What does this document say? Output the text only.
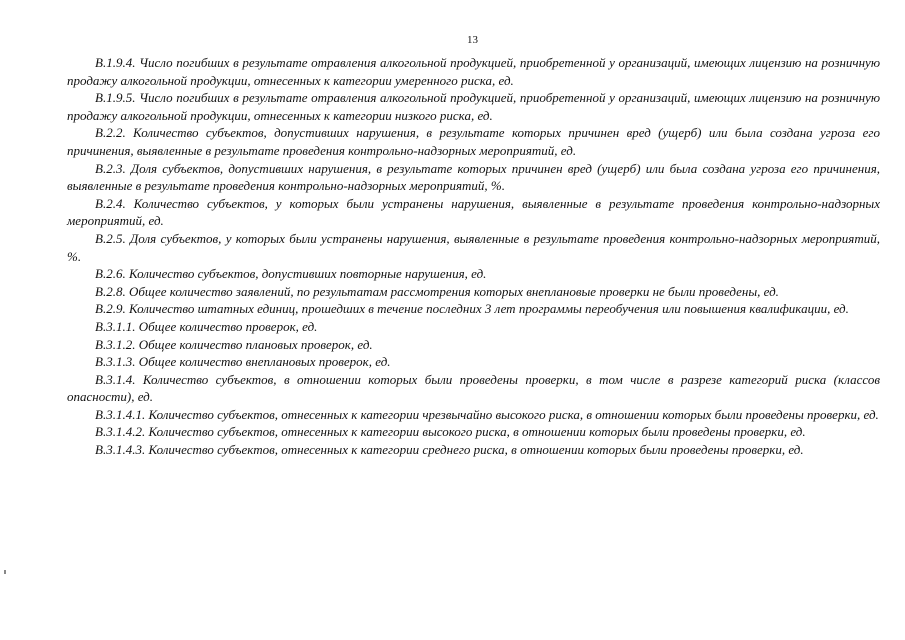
13

В.1.9.4. Число погибших в результате отравления алкогольной продукцией, приобретенной у организаций, имеющих лицензию на розничную продажу алкогольной продукции, отнесенных к категории умеренного риска, ед.

В.1.9.5. Число погибших в результате отравления алкогольной продукцией, приобретенной у организаций, имеющих лицензию на розничную продажу алкогольной продукции, отнесенных к категории низкого риска, ед.

В.2.2. Количество субъектов, допустивших нарушения, в результате которых причинен вред (ущерб) или была создана угроза его причинения, выявленные в результате проведения контрольно-надзорных мероприятий, ед.

В.2.3. Доля субъектов, допустивших нарушения, в результате которых причинен вред (ущерб) или была создана угроза его причинения, выявленные в результате проведения контрольно-надзорных мероприятий, %.

В.2.4. Количество субъектов, у которых были устранены нарушения, выявленные в результате проведения контрольно-надзорных мероприятий, ед.

В.2.5. Доля субъектов, у которых были устранены нарушения, выявленные в результате проведения контрольно-надзорных мероприятий, %.

В.2.6. Количество субъектов, допустивших повторные нарушения, ед.

В.2.8. Общее количество заявлений, по результатам рассмотрения которых внеплановые проверки не были проведены, ед.

В.2.9. Количество штатных единиц, прошедших в течение последних 3 лет программы переобучения или повышения квалификации, ед.

В.3.1.1. Общее количество проверок, ед.

В.3.1.2. Общее количество плановых проверок, ед.

В.3.1.3. Общее количество внеплановых проверок, ед.

В.3.1.4. Количество субъектов, в отношении которых были проведены проверки, в том числе в разрезе категорий риска (классов опасности), ед.

В.3.1.4.1. Количество субъектов, отнесенных к категории чрезвычайно высокого риска, в отношении которых были проведены проверки, ед.

В.3.1.4.2. Количество субъектов, отнесенных к категории высокого риска, в отношении которых были проведены проверки, ед.

В.3.1.4.3. Количество субъектов, отнесенных к категории среднего риска, в отношении которых были проведены проверки, ед.
